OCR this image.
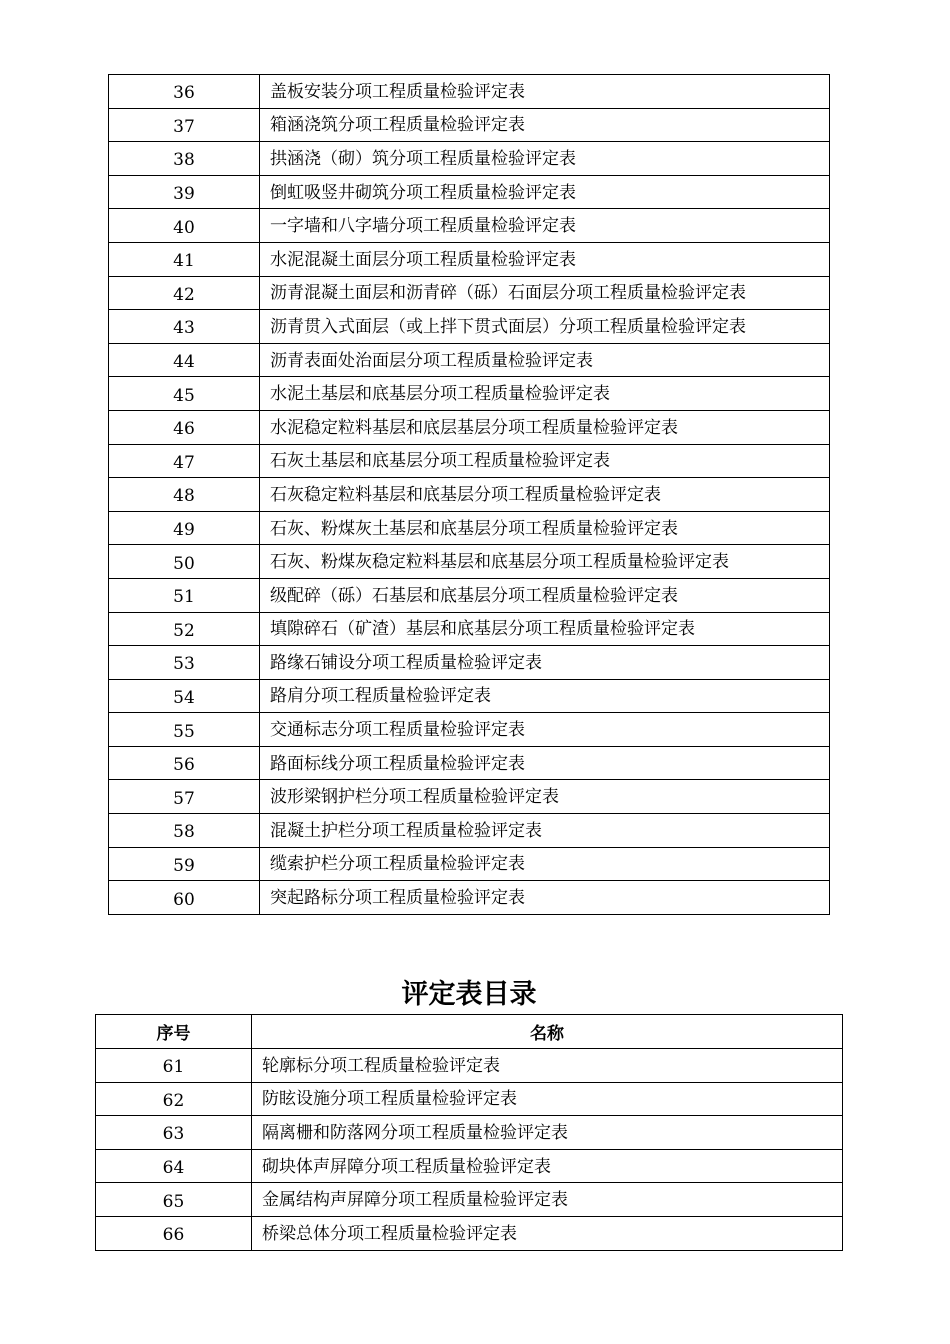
36	盖板安装分项工程质量检验评定表
37	箱涵浇筑分项工程质量检验评定表
38	拱涵浇（砌）筑分项工程质量检验评定表
39	倒虹吸竖井砌筑分项工程质量检验评定表
40	一字墙和八字墙分项工程质量检验评定表
41	水泥混凝土面层分项工程质量检验评定表
42	沥青混凝土面层和沥青碎（砾）石面层分项工程质量检验评定表
43	沥青贯入式面层（或上拌下贯式面层）分项工程质量检验评定表
44	沥青表面处治面层分项工程质量检验评定表
45	水泥土基层和底基层分项工程质量检验评定表
46	水泥稳定粒料基层和底层基层分项工程质量检验评定表
47	石灰土基层和底基层分项工程质量检验评定表
48	石灰稳定粒料基层和底基层分项工程质量检验评定表
49	石灰、粉煤灰土基层和底基层分项工程质量检验评定表
50	石灰、粉煤灰稳定粒料基层和底基层分项工程质量检验评定表
51	级配碎（砾）石基层和底基层分项工程质量检验评定表
52	填隙碎石（矿渣）基层和底基层分项工程质量检验评定表
53	路缘石铺设分项工程质量检验评定表
54	路肩分项工程质量检验评定表
55	交通标志分项工程质量检验评定表
56	路面标线分项工程质量检验评定表
57	波形梁钢护栏分项工程质量检验评定表
58	混凝土护栏分项工程质量检验评定表
59	缆索护栏分项工程质量检验评定表
60	突起路标分项工程质量检验评定表
评定表目录
序号	名称
61	轮廓标分项工程质量检验评定表
62	防眩设施分项工程质量检验评定表
63	隔离栅和防落网分项工程质量检验评定表
64	砌块体声屏障分项工程质量检验评定表
65	金属结构声屏障分项工程质量检验评定表
66	桥梁总体分项工程质量检验评定表
